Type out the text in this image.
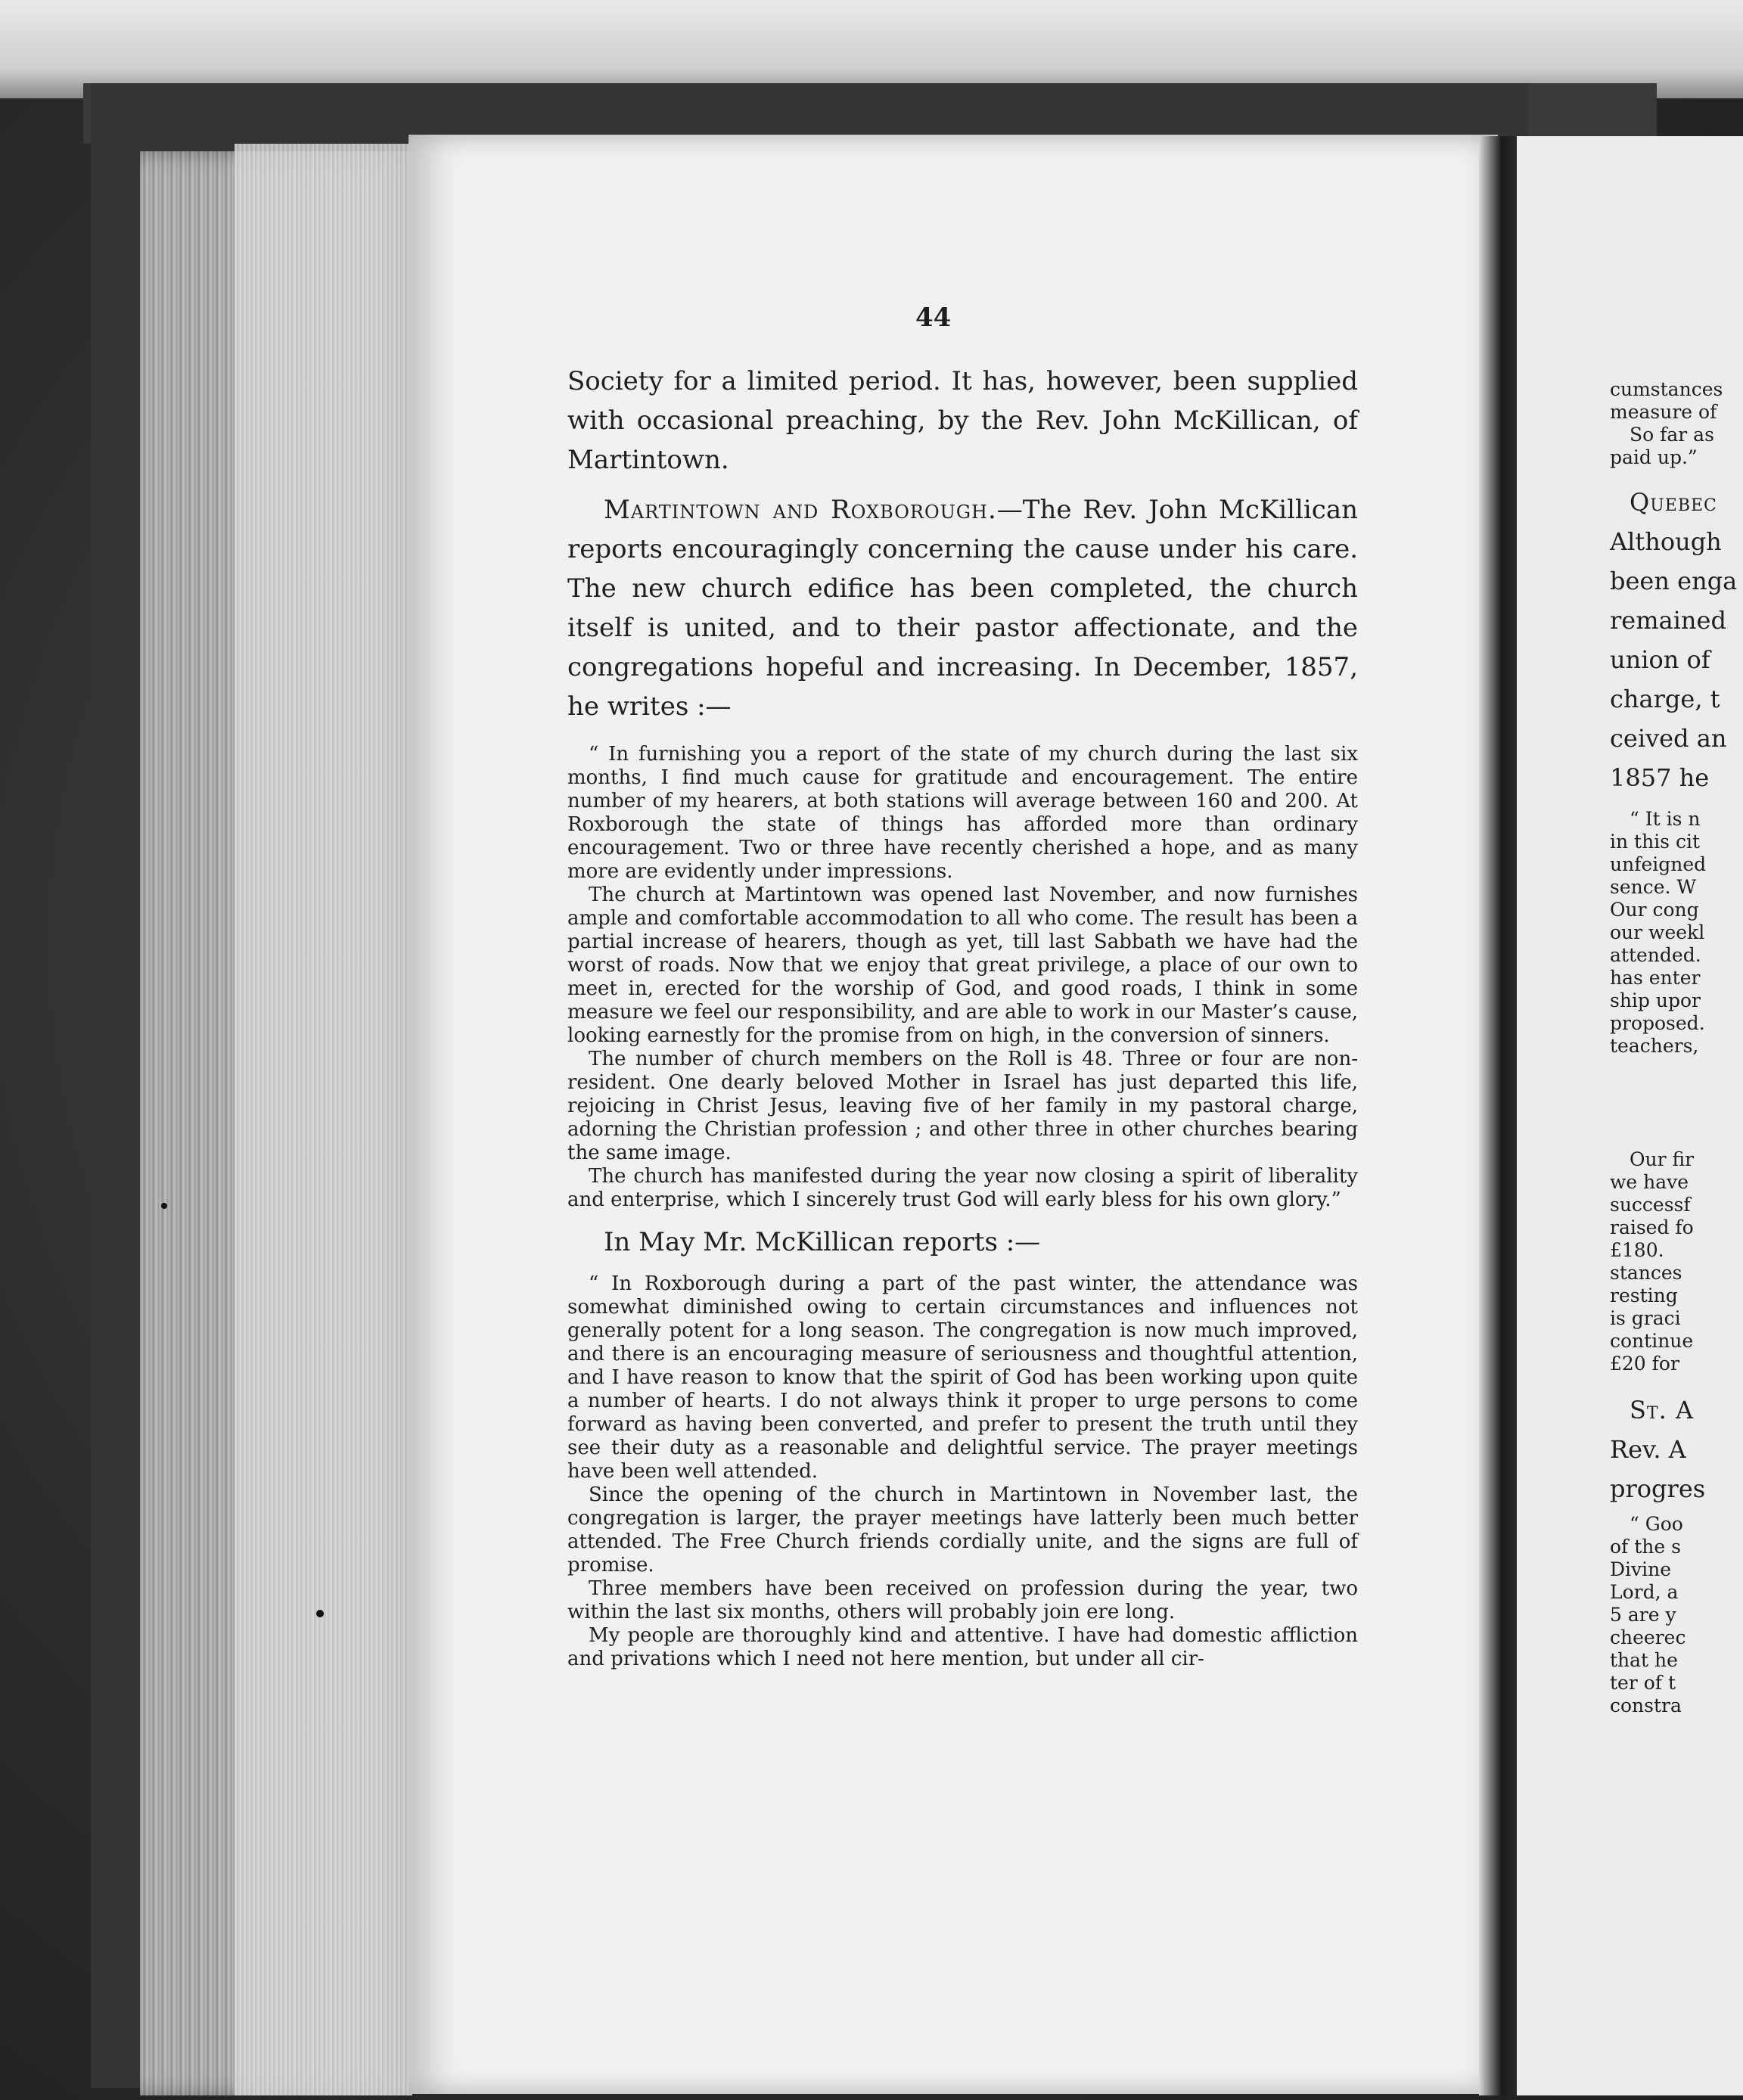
44

Society for a limited period. It has, however, been supplied with occasional preaching, by the Rev. John McKillican, of Martintown.

Martintown and Roxborough.—The Rev. John McKillican reports encouragingly concerning the cause under his care. The new church edifice has been completed, the church itself is united, and to their pastor affectionate, and the congregations hopeful and increasing. In December, 1857, he writes :—

“ In furnishing you a report of the state of my church during the last six months, I find much cause for gratitude and encouragement. The entire number of my hearers, at both stations will average between 160 and 200. At Roxborough the state of things has afforded more than ordinary encouragement. Two or three have recently cherished a hope, and as many more are evidently under impressions.

The church at Martintown was opened last November, and now furnishes ample and comfortable accommodation to all who come. The result has been a partial increase of hearers, though as yet, till last Sabbath we have had the worst of roads. Now that we enjoy that great privilege, a place of our own to meet in, erected for the worship of God, and good roads, I think in some measure we feel our responsibility, and are able to work in our Master’s cause, looking earnestly for the promise from on high, in the conversion of sinners.

The number of church members on the Roll is 48. Three or four are non-resident. One dearly beloved Mother in Israel has just departed this life, rejoicing in Christ Jesus, leaving five of her family in my pastoral charge, adorning the Christian profession ; and other three in other churches bearing the same image.

The church has manifested during the year now closing a spirit of liberality and enterprise, which I sincerely trust God will early bless for his own glory.”

In May Mr. McKillican reports :—

“ In Roxborough during a part of the past winter, the attendance was somewhat diminished owing to certain circumstances and influences not generally potent for a long season. The congregation is now much improved, and there is an encouraging measure of seriousness and thoughtful attention, and I have reason to know that the spirit of God has been working upon quite a number of hearts. I do not always think it proper to urge persons to come forward as having been converted, and prefer to present the truth until they see their duty as a reasonable and delightful service. The prayer meetings have been well attended.

Since the opening of the church in Martintown in November last, the congregation is larger, the prayer meetings have latterly been much better attended. The Free Church friends cordially unite, and the signs are full of promise.

Three members have been received on profession during the year, two within the last six months, others will probably join ere long.

My people are thoroughly kind and attentive. I have had domestic affliction and privations which I need not here mention, but under all cir-

cumstances

measure of

So far as

paid up.”

Quebec

Although

been enga

remained

union of

charge, t

ceived an

1857 he

“ It is n

in this cit

unfeigned

sence. W

Our cong

our weekl

attended.

has enter

ship upor

proposed.

teachers,

Our fir

we have

successf

raised fo

£180.

stances

resting

is graci

continue

£20 for

St. A

Rev. A

progres

“ Goo

of the s

Divine

Lord, a

5 are y

cheerec

that he

ter of t

constra
